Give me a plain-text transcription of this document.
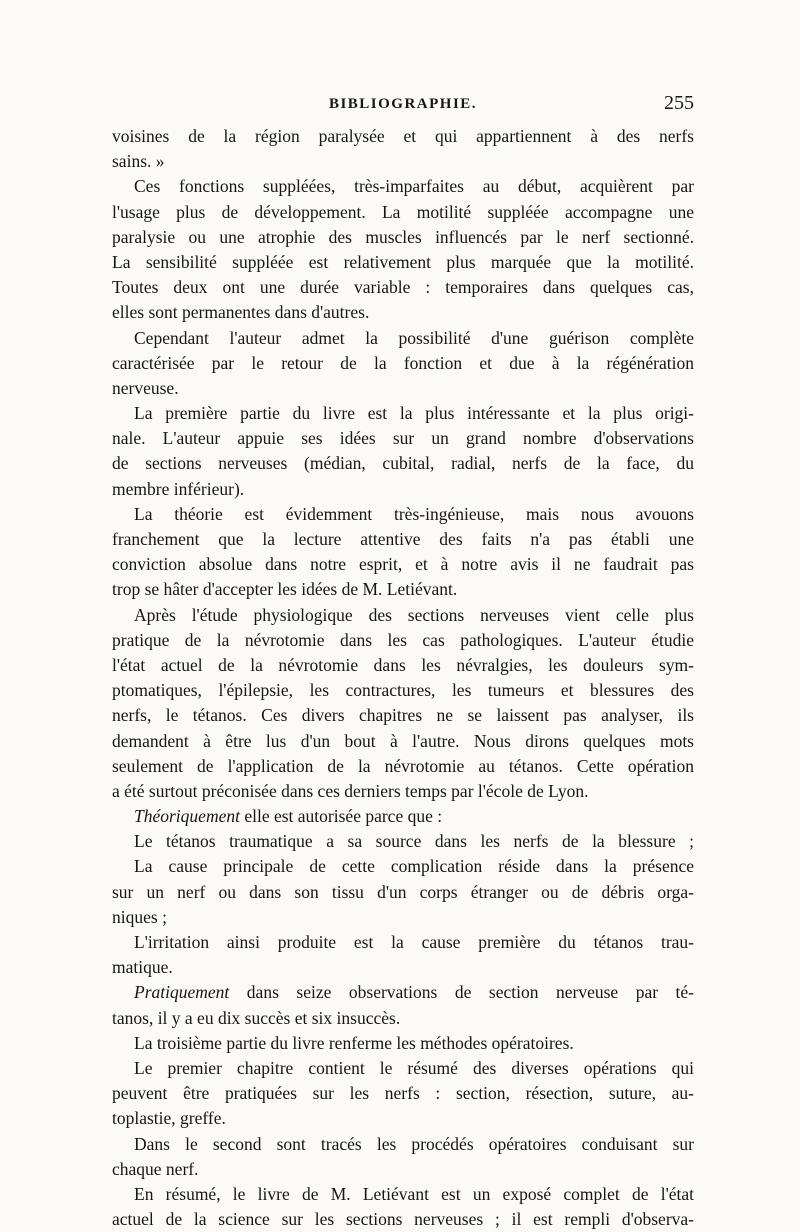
BIBLIOGRAPHIE.	255
voisines de la région paralysée et qui appartiennent à des nerfs
sains. »
Ces fonctions suppléées, très-imparfaites au début, acquièrent par
l'usage plus de développement. La motilité suppléée accompagne une
paralysie ou une atrophie des muscles influencés par le nerf sectionné.
La sensibilité suppléée est relativement plus marquée que la motilité.
Toutes deux ont une durée variable : temporaires dans quelques cas,
elles sont permanentes dans d'autres.
Cependant l'auteur admet la possibilité d'une guérison complète
caractérisée par le retour de la fonction et due à la régénération
nerveuse.
La première partie du livre est la plus intéressante et la plus origi-
nale. L'auteur appuie ses idées sur un grand nombre d'observations
de sections nerveuses (médian, cubital, radial, nerfs de la face, du
membre inférieur).
La théorie est évidemment très-ingénieuse, mais nous avouons
franchement que la lecture attentive des faits n'a pas établi une
conviction absolue dans notre esprit, et à notre avis il ne faudrait pas
trop se hâter d'accepter les idées de M. Letiévant.
Après l'étude physiologique des sections nerveuses vient celle plus
pratique de la névrotomie dans les cas pathologiques. L'auteur étudie
l'état actuel de la névrotomie dans les névralgies, les douleurs sym-
ptomatiques, l'épilepsie, les contractures, les tumeurs et blessures des
nerfs, le tétanos. Ces divers chapitres ne se laissent pas analyser, ils
demandent à être lus d'un bout à l'autre. Nous dirons quelques mots
seulement de l'application de la névrotomie au tétanos. Cette opération
a été surtout préconisée dans ces derniers temps par l'école de Lyon.
Théoriquement elle est autorisée parce que :
Le tétanos traumatique a sa source dans les nerfs de la blessure ;
La cause principale de cette complication réside dans la présence
sur un nerf ou dans son tissu d'un corps étranger ou de débris orga-
niques ;
L'irritation ainsi produite est la cause première du tétanos trau-
matique.
Pratiquement dans seize observations de section nerveuse par té-
tanos, il y a eu dix succès et six insuccès.
La troisième partie du livre renferme les méthodes opératoires.
Le premier chapitre contient le résumé des diverses opérations qui
peuvent être pratiquées sur les nerfs : section, résection, suture, au-
toplastie, greffe.
Dans le second sont tracés les procédés opératoires conduisant sur
chaque nerf.
En résumé, le livre de M. Letiévant est un exposé complet de l'état
actuel de la science sur les sections nerveuses ; il est rempli d'observa-
